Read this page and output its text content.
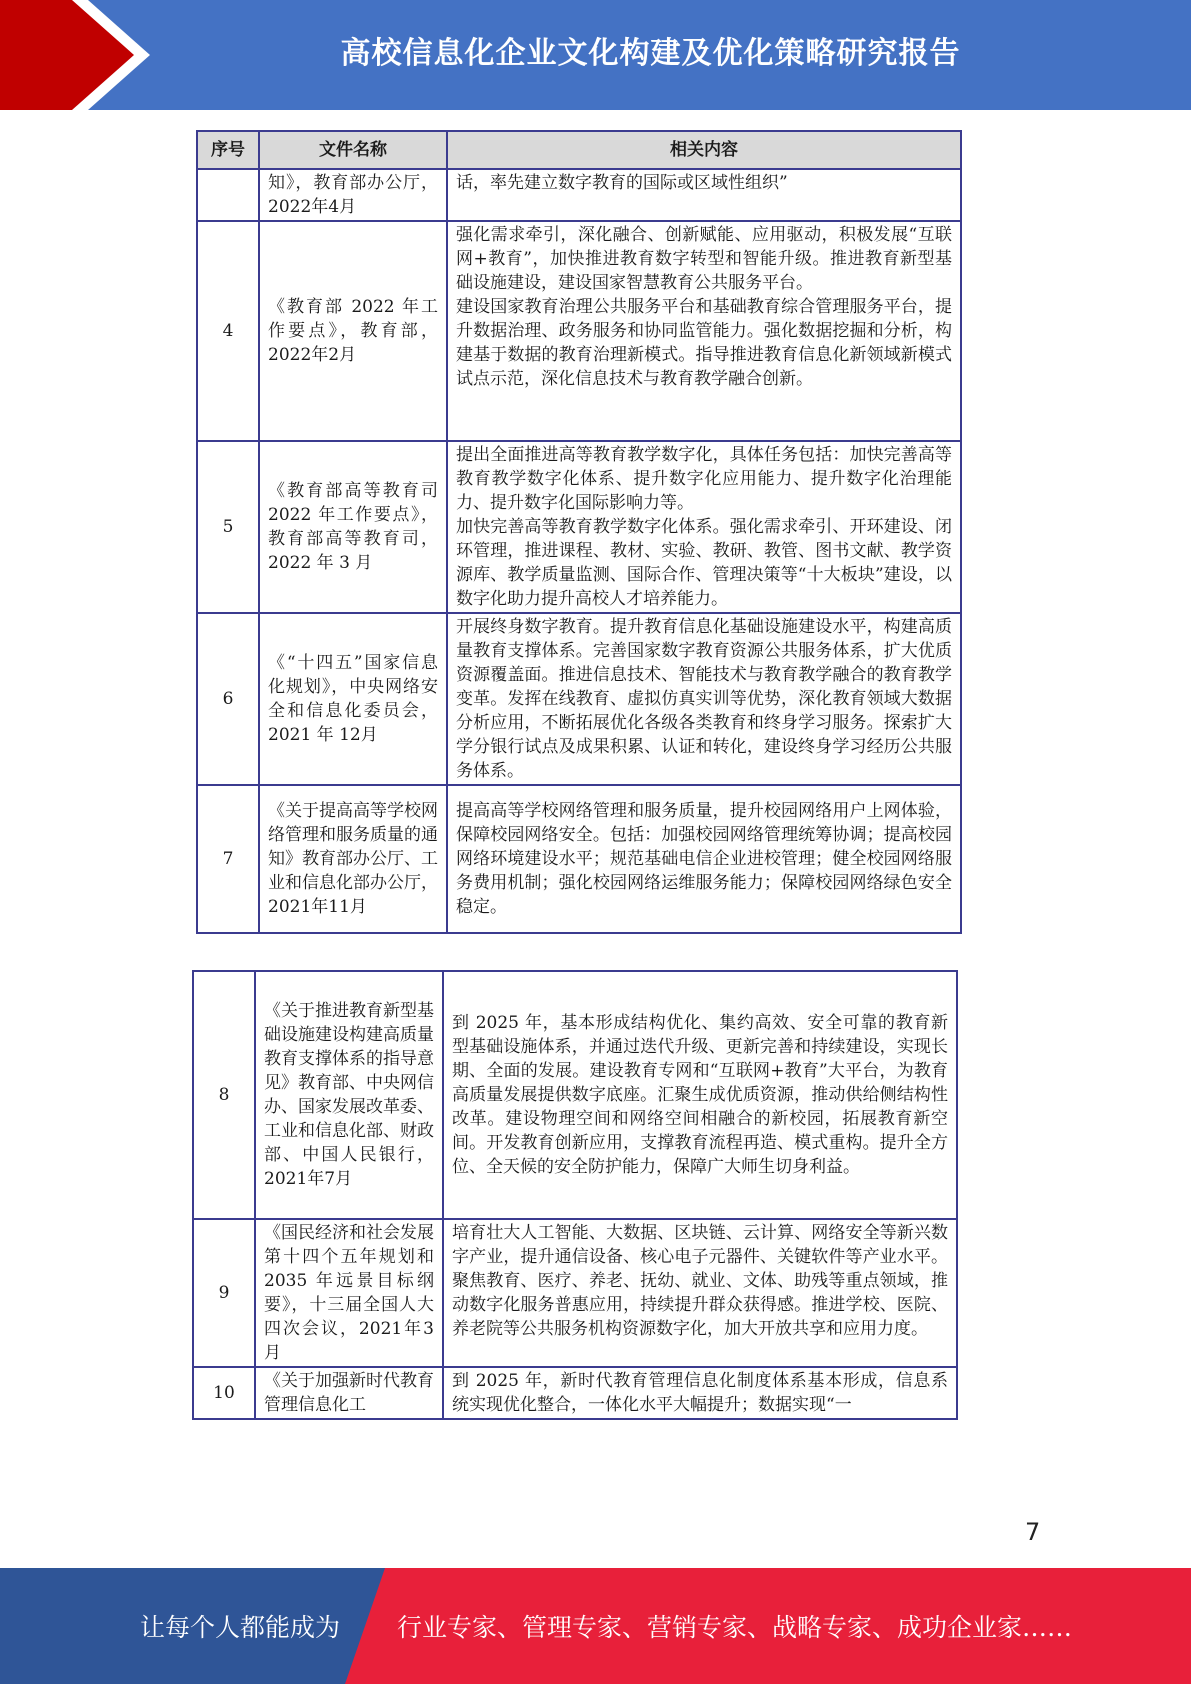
高校信息化企业文化构建及优化策略研究报告
序号	文件名称	相关内容
	知》，教育部办公厅，2022年4月	话，率先建立数字教育的国际或区域性组织”
4	《教育部 2022 年工作要点》，教育部，2022年2月	强化需求牵引，深化融合、创新赋能、应用驱动，积极发展“互联网+教育”，加快推进教育数字转型和智能升级。推进教育新型基础设施建设，建设国家智慧教育公共服务平台。
建设国家教育治理公共服务平台和基础教育综合管理服务平台，提升数据治理、政务服务和协同监管能力。强化数据挖掘和分析，构建基于数据的教育治理新模式。指导推进教育信息化新领域新模式试点示范，深化信息技术与教育教学融合创新。

5	《教育部高等教育司 2022 年工作要点》，教育部高等教育司，2022 年 3 月	提出全面推进高等教育教学数字化，具体任务包括：加快完善高等教育教学数字化体系、提升数字化应用能力、提升数字化治理能力、提升数字化国际影响力等。
加快完善高等教育教学数字化体系。强化需求牵引、开环建设、闭环管理，推进课程、教材、实验、教研、教管、图书文献、教学资源库、教学质量监测、国际合作、管理决策等“十大板块”建设，以数字化助力提升高校人才培养能力。

6	《“十四五”国家信息化规划》，中央网络安全和信息化委员会，2021 年 12月	开展终身数字教育。提升教育信息化基础设施建设水平，构建高质量教育支撑体系。完善国家数字教育资源公共服务体系，扩大优质资源覆盖面。推进信息技术、智能技术与教育教学融合的教育教学变革。发挥在线教育、虚拟仿真实训等优势，深化教育领域大数据分析应用，不断拓展优化各级各类教育和终身学习服务。探索扩大学分银行试点及成果积累、认证和转化，建设终身学习经历公共服务体系。

7	《关于提高高等学校网络管理和服务质量的通知》教育部办公厅、工业和信息化部办公厅，2021年11月	提高高等学校网络管理和服务质量，提升校园网络用户上网体验，保障校园网络安全。包括：加强校园网络管理统筹协调；提高校园网络环境建设水平；规范基础电信企业进校管理；健全校园网络服务费用机制；强化校园网络运维服务能力；保障校园网络绿色安全稳定。
8	《关于推进教育新型基础设施建设构建高质量教育支撑体系的指导意见》教育部、中央网信办、国家发展改革委、工业和信息化部、财政部、中国人民银行，2021年7月	到 2025 年，基本形成结构优化、集约高效、安全可靠的教育新型基础设施体系，并通过迭代升级、更新完善和持续建设，实现长期、全面的发展。建设教育专网和“互联网+教育”大平台，为教育高质量发展提供数字底座。汇聚生成优质资源，推动供给侧结构性改革。建设物理空间和网络空间相融合的新校园，拓展教育新空间。开发教育创新应用，支撑教育流程再造、模式重构。提升全方位、全天候的安全防护能力，保障广大师生切身利益。

9	《国民经济和社会发展第十四个五年规划和 2035 年远景目标纲要》，十三届全国人大四次会议，2021年3月	培育壮大人工智能、大数据、区块链、云计算、网络安全等新兴数字产业，提升通信设备、核心电子元器件、关键软件等产业水平。聚焦教育、医疗、养老、抚幼、就业、文体、助残等重点领域，推动数字化服务普惠应用，持续提升群众获得感。推进学校、医院、养老院等公共服务机构资源数字化，加大开放共享和应用力度。

10	《关于加强新时代教育管理信息化工	到 2025 年，新时代教育管理信息化制度体系基本形成，信息系统实现优化整合，一体化水平大幅提升；数据实现“一
7
让每个人都能成为	行业专家、管理专家、营销专家、战略专家、成功企业家……
